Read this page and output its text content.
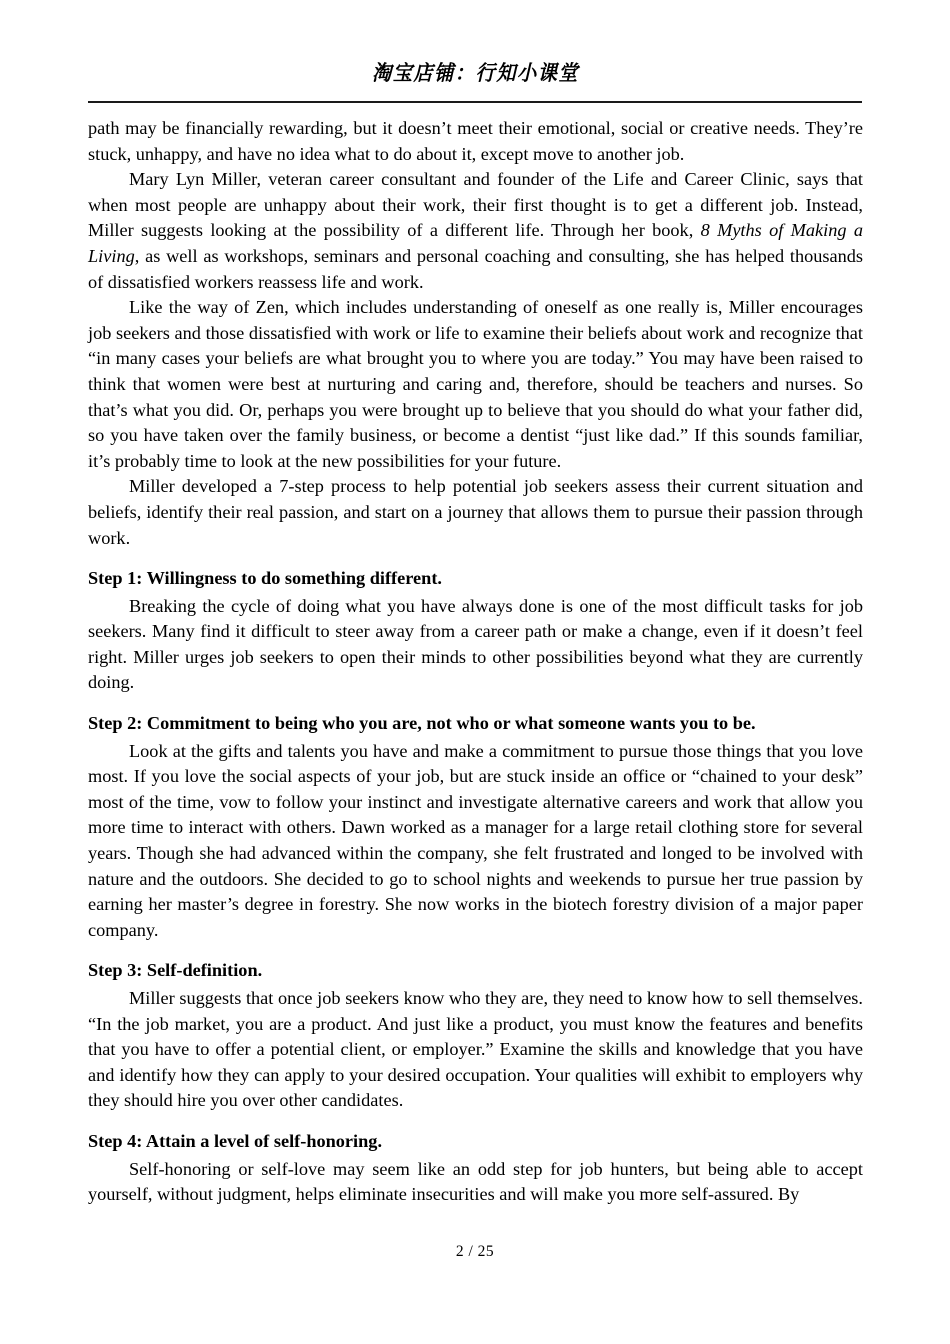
淘宝店铺：行知小课堂

path may be financially rewarding, but it doesn’t meet their emotional, social or creative needs. They’re stuck, unhappy, and have no idea what to do about it, except move to another job.

Mary Lyn Miller, veteran career consultant and founder of the Life and Career Clinic, says that when most people are unhappy about their work, their first thought is to get a different job. Instead, Miller suggests looking at the possibility of a different life. Through her book, 8 Myths of Making a Living, as well as workshops, seminars and personal coaching and consulting, she has helped thousands of dissatisfied workers reassess life and work.

Like the way of Zen, which includes understanding of oneself as one really is, Miller encourages job seekers and those dissatisfied with work or life to examine their beliefs about work and recognize that “in many cases your beliefs are what brought you to where you are today.” You may have been raised to think that women were best at nurturing and caring and, therefore, should be teachers and nurses. So that’s what you did. Or, perhaps you were brought up to believe that you should do what your father did, so you have taken over the family business, or become a dentist “just like dad.” If this sounds familiar, it’s probably time to look at the new possibilities for your future.

Miller developed a 7-step process to help potential job seekers assess their current situation and beliefs, identify their real passion, and start on a journey that allows them to pursue their passion through work.

Step 1: Willingness to do something different.

Breaking the cycle of doing what you have always done is one of the most difficult tasks for job seekers. Many find it difficult to steer away from a career path or make a change, even if it doesn’t feel right. Miller urges job seekers to open their minds to other possibilities beyond what they are currently doing.

Step 2: Commitment to being who you are, not who or what someone wants you to be.

Look at the gifts and talents you have and make a commitment to pursue those things that you love most. If you love the social aspects of your job, but are stuck inside an office or “chained to your desk” most of the time, vow to follow your instinct and investigate alternative careers and work that allow you more time to interact with others. Dawn worked as a manager for a large retail clothing store for several years. Though she had advanced within the company, she felt frustrated and longed to be involved with nature and the outdoors. She decided to go to school nights and weekends to pursue her true passion by earning her master’s degree in forestry. She now works in the biotech forestry division of a major paper company.

Step 3: Self-definition.

Miller suggests that once job seekers know who they are, they need to know how to sell themselves. “In the job market, you are a product. And just like a product, you must know the features and benefits that you have to offer a potential client, or employer.” Examine the skills and knowledge that you have and identify how they can apply to your desired occupation. Your qualities will exhibit to employers why they should hire you over other candidates.

Step 4: Attain a level of self-honoring.

Self-honoring or self-love may seem like an odd step for job hunters, but being able to accept yourself, without judgment, helps eliminate insecurities and will make you more self-assured. By

2 / 25
